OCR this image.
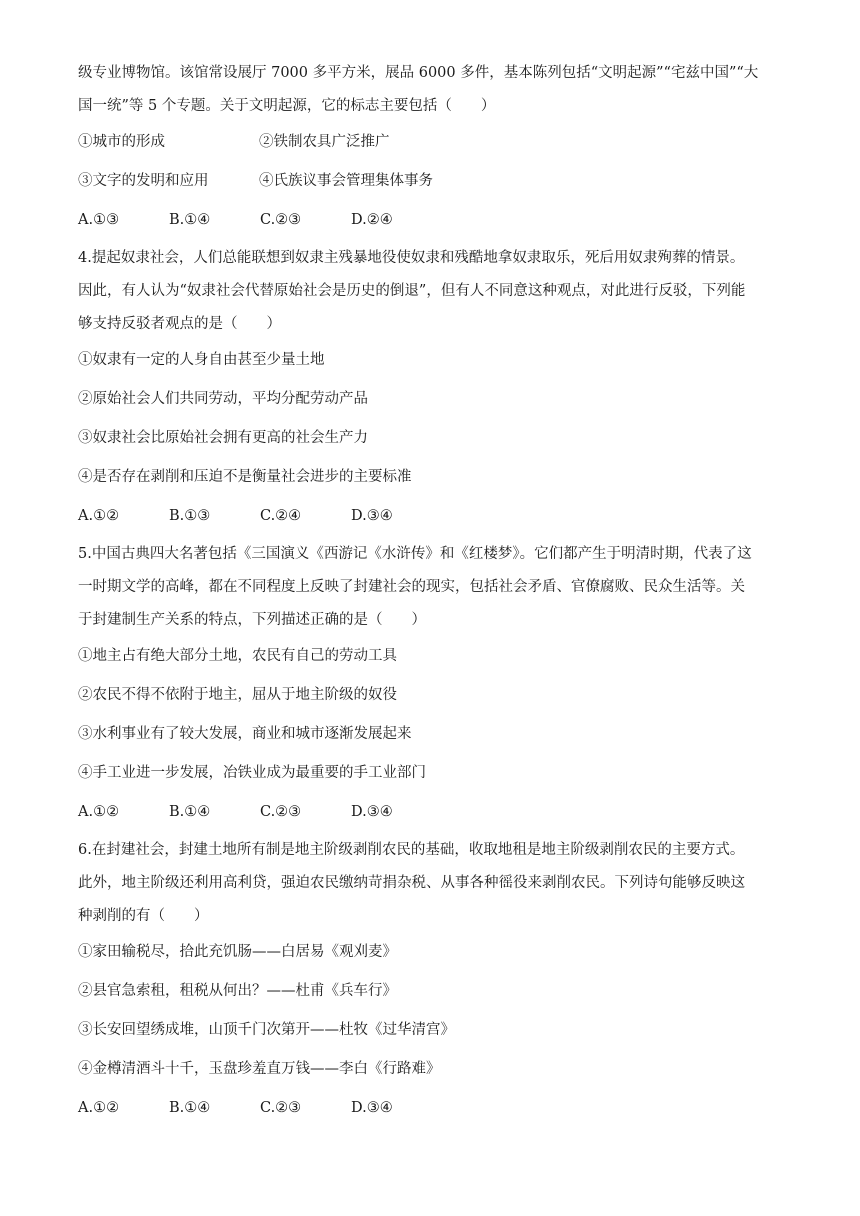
级专业博物馆。该馆常设展厅 7000 多平方米，展品 6000 多件，基本陈列包括“文明起源”“宅兹中国”“大
国一统”等 5 个专题。关于文明起源，它的标志主要包括（　　）

①城市的形成	②铁制农具广泛推广
③文字的发明和应用	④氏族议事会管理集体事务
A.①③	B.①④	C.②③	D.②④

4.提起奴隶社会，人们总能联想到奴隶主残暴地役使奴隶和残酷地拿奴隶取乐，死后用奴隶殉葬的情景。
因此，有人认为“奴隶社会代替原始社会是历史的倒退”，但有人不同意这种观点，对此进行反驳，下列能
够支持反驳者观点的是（　　）

①奴隶有一定的人身自由甚至少量土地
②原始社会人们共同劳动，平均分配劳动产品
③奴隶社会比原始社会拥有更高的社会生产力
④是否存在剥削和压迫不是衡量社会进步的主要标准
A.①②	B.①③	C.②④	D.③④

5.中国古典四大名著包括《三国演义《西游记《水浒传》和《红楼梦》。它们都产生于明清时期，代表了这
一时期文学的高峰，都在不同程度上反映了封建社会的现实，包括社会矛盾、官僚腐败、民众生活等。关
于封建制生产关系的特点，下列描述正确的是（　　）

①地主占有绝大部分土地，农民有自己的劳动工具
②农民不得不依附于地主，屈从于地主阶级的奴役
③水利事业有了较大发展，商业和城市逐渐发展起来
④手工业进一步发展，冶铁业成为最重要的手工业部门
A.①②	B.①④	C.②③	D.③④

6.在封建社会，封建土地所有制是地主阶级剥削农民的基础，收取地租是地主阶级剥削农民的主要方式。
此外，地主阶级还利用高利贷，强迫农民缴纳苛捐杂税、从事各种徭役来剥削农民。下列诗句能够反映这
种剥削的有（　　）

①家田输税尽，拾此充饥肠——白居易《观刈麦》
②县官急索租，租税从何出？——杜甫《兵车行》
③长安回望绣成堆，山顶千门次第开——杜牧《过华清宫》
④金樽清酒斗十千，玉盘珍羞直万钱——李白《行路难》
A.①②	B.①④	C.②③	D.③④
